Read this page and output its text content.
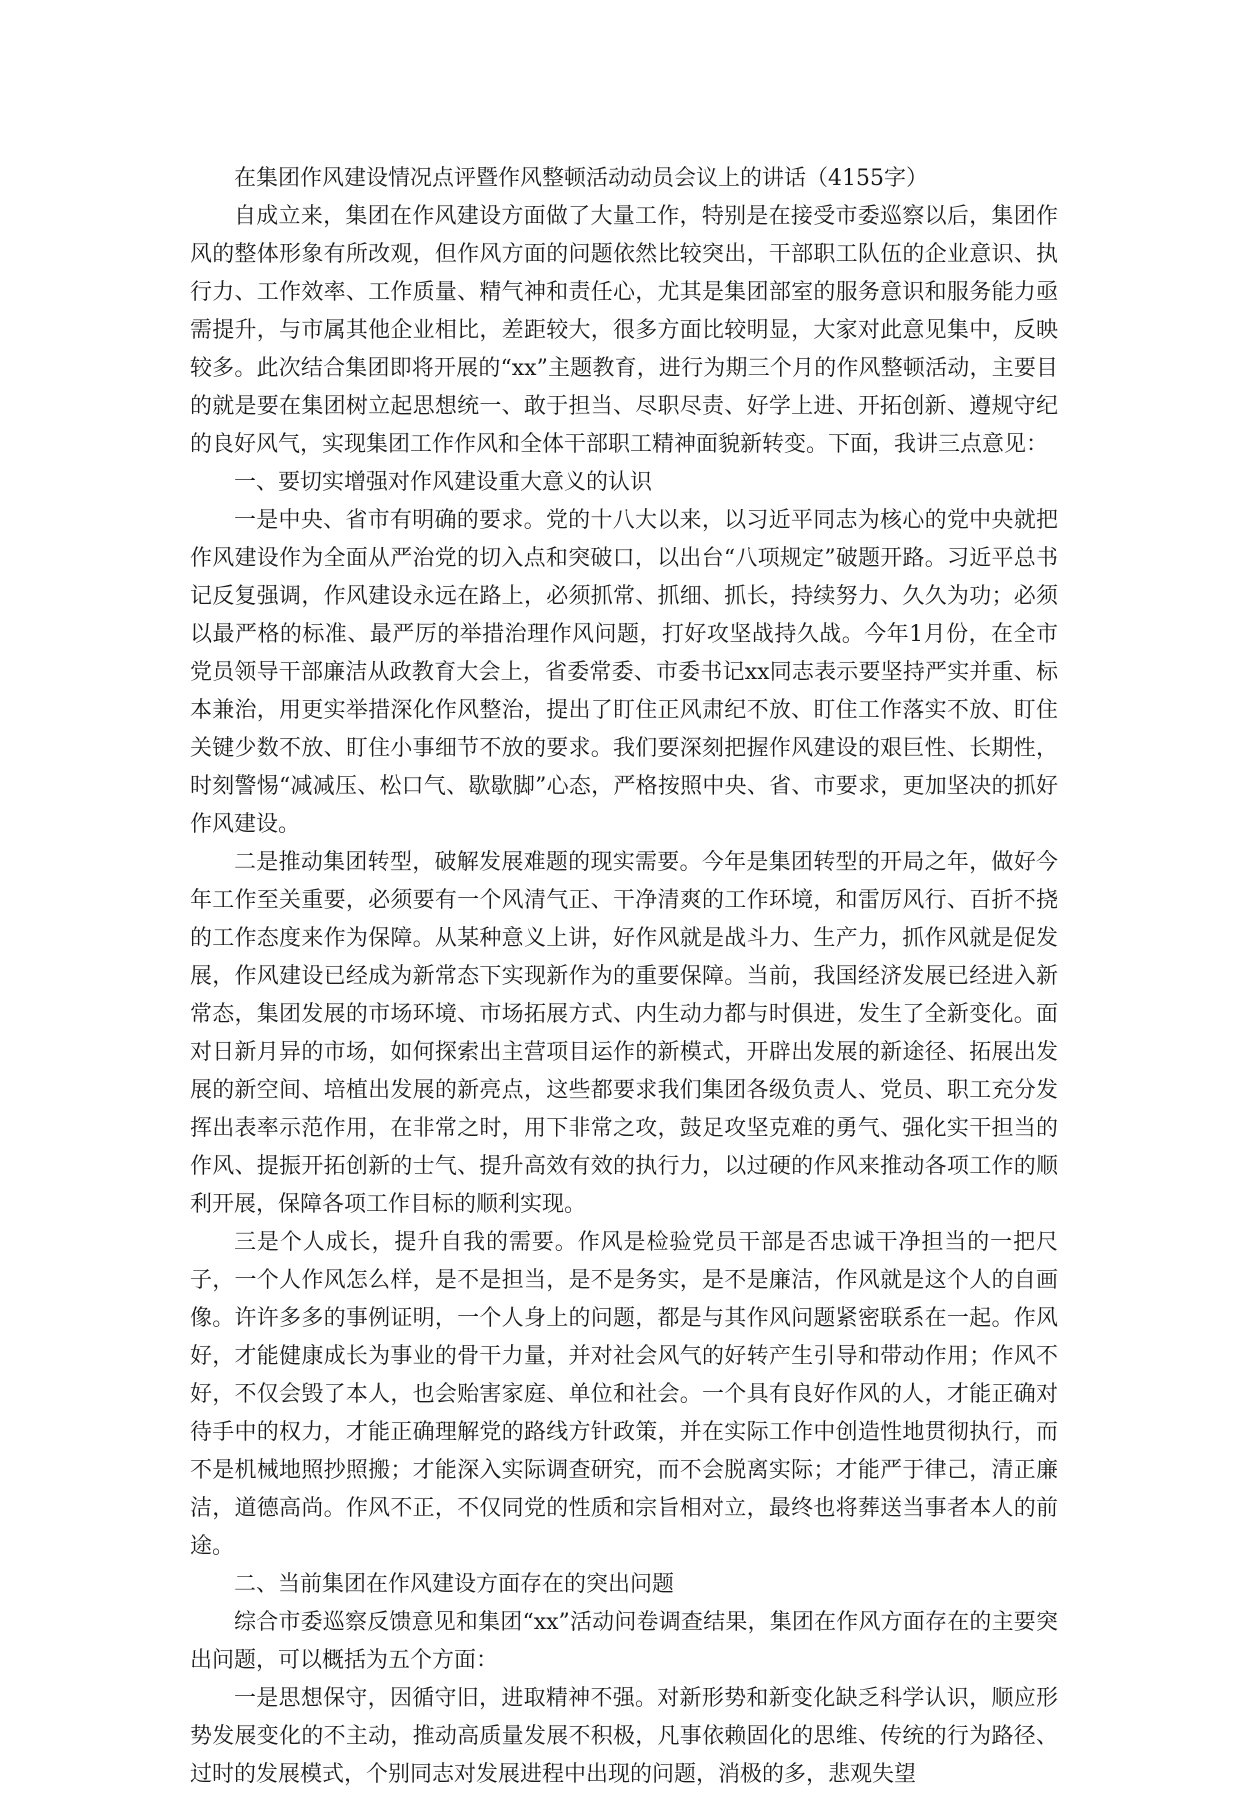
在集团作风建设情况点评暨作风整顿活动动员会议上的讲话（4155字）

自成立来，集团在作风建设方面做了大量工作，特别是在接受市委巡察以后，集团作风的整体形象有所改观，但作风方面的问题依然比较突出，干部职工队伍的企业意识、执行力、工作效率、工作质量、精气神和责任心，尤其是集团部室的服务意识和服务能力亟需提升，与市属其他企业相比，差距较大，很多方面比较明显，大家对此意见集中，反映较多。此次结合集团即将开展的“xx”主题教育，进行为期三个月的作风整顿活动，主要目的就是要在集团树立起思想统一、敢于担当、尽职尽责、好学上进、开拓创新、遵规守纪的良好风气，实现集团工作作风和全体干部职工精神面貌新转变。下面，我讲三点意见：

一、要切实增强对作风建设重大意义的认识

一是中央、省市有明确的要求。党的十八大以来，以习近平同志为核心的党中央就把作风建设作为全面从严治党的切入点和突破口，以出台“八项规定”破题开路。习近平总书记反复强调，作风建设永远在路上，必须抓常、抓细、抓长，持续努力、久久为功；必须以最严格的标准、最严厉的举措治理作风问题，打好攻坚战持久战。今年1月份，在全市党员领导干部廉洁从政教育大会上，省委常委、市委书记xx同志表示要坚持严实并重、标本兼治，用更实举措深化作风整治，提出了盯住正风肃纪不放、盯住工作落实不放、盯住关键少数不放、盯住小事细节不放的要求。我们要深刻把握作风建设的艰巨性、长期性，时刻警惕“减减压、松口气、歇歇脚”心态，严格按照中央、省、市要求，更加坚决的抓好作风建设。

二是推动集团转型，破解发展难题的现实需要。今年是集团转型的开局之年，做好今年工作至关重要，必须要有一个风清气正、干净清爽的工作环境，和雷厉风行、百折不挠的工作态度来作为保障。从某种意义上讲，好作风就是战斗力、生产力，抓作风就是促发展，作风建设已经成为新常态下实现新作为的重要保障。当前，我国经济发展已经进入新常态，集团发展的市场环境、市场拓展方式、内生动力都与时俱进，发生了全新变化。面对日新月异的市场，如何探索出主营项目运作的新模式，开辟出发展的新途径、拓展出发展的新空间、培植出发展的新亮点，这些都要求我们集团各级负责人、党员、职工充分发挥出表率示范作用，在非常之时，用下非常之攻，鼓足攻坚克难的勇气、强化实干担当的作风、提振开拓创新的士气、提升高效有效的执行力，以过硬的作风来推动各项工作的顺利开展，保障各项工作目标的顺利实现。

三是个人成长，提升自我的需要。作风是检验党员干部是否忠诚干净担当的一把尺子，一个人作风怎么样，是不是担当，是不是务实，是不是廉洁，作风就是这个人的自画像。许许多多的事例证明，一个人身上的问题，都是与其作风问题紧密联系在一起。作风好，才能健康成长为事业的骨干力量，并对社会风气的好转产生引导和带动作用；作风不好，不仅会毁了本人，也会贻害家庭、单位和社会。一个具有良好作风的人，才能正确对待手中的权力，才能正确理解党的路线方针政策，并在实际工作中创造性地贯彻执行，而不是机械地照抄照搬；才能深入实际调查研究，而不会脱离实际；才能严于律己，清正廉洁，道德高尚。作风不正，不仅同党的性质和宗旨相对立，最终也将葬送当事者本人的前途。

二、当前集团在作风建设方面存在的突出问题

综合市委巡察反馈意见和集团“xx”活动问卷调查结果，集团在作风方面存在的主要突出问题，可以概括为五个方面：

一是思想保守，因循守旧，进取精神不强。对新形势和新变化缺乏科学认识，顺应形势发展变化的不主动，推动高质量发展不积极，凡事依赖固化的思维、传统的行为路径、过时的发展模式，个别同志对发展进程中出现的问题，消极的多，悲观失望
